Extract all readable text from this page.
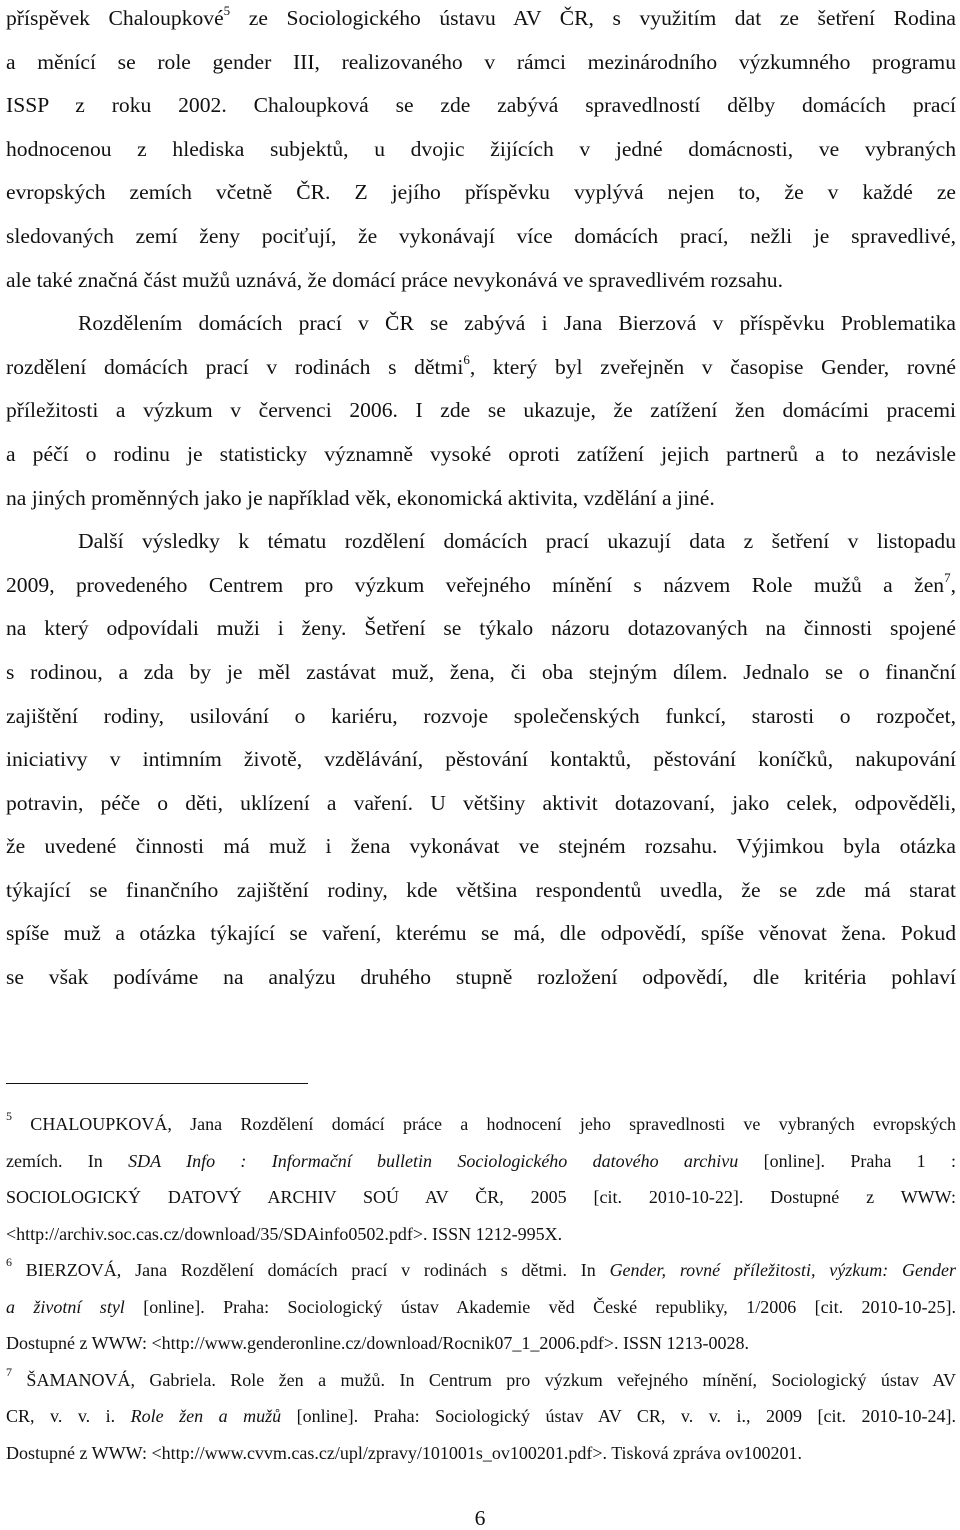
příspěvek Chaloupkové$^5$ ze Sociologického ústavu AV ČR, s využitím dat ze šetření Rodina
a měnící se role gender III, realizovaného v rámci mezinárodního výzkumného programu
ISSP z roku 2002. Chaloupková se zde zabývá spravedlností dělby domácích prací
hodnocenou z hlediska subjektů, u dvojic žijících v jedné domácnosti, ve vybraných
evropských zemích včetně ČR. Z jejího příspěvku vyplývá nejen to, že v každé ze
sledovaných zemí ženy pociťují, že vykonávají více domácích prací, nežli je spravedlivé,
ale také značná část mužů uznává, že domácí práce nevykonává ve spravedlivém rozsahu.

Rozdělením domácích prací v ČR se zabývá i Jana Bierzová v příspěvku Problematika
rozdělení domácích prací v rodinách s dětmi$^6$, který byl zveřejněn v časopise Gender, rovné
příležitosti a výzkum v červenci 2006. I zde se ukazuje, že zatížení žen domácími pracemi
a péčí o rodinu je statisticky významně vysoké oproti zatížení jejich partnerů a to nezávisle
na jiných proměnných jako je například věk, ekonomická aktivita, vzdělání a jiné.

Další výsledky k tématu rozdělení domácích prací ukazují data z šetření v listopadu
2009, provedeného Centrem pro výzkum veřejného mínění s názvem Role mužů a žen$^7$,
na který odpovídali muži i ženy. Šetření se týkalo názoru dotazovaných na činnosti spojené
s rodinou, a zda by je měl zastávat muž, žena, či oba stejným dílem. Jednalo se o finanční
zajištění rodiny, usilování o kariéru, rozvoje společenských funkcí, starosti o rozpočet,
iniciativy v intimním životě, vzdělávání, pěstování kontaktů, pěstování koníčků, nakupování
potravin, péče o děti, uklízení a vaření. U většiny aktivit dotazovaní, jako celek, odpověděli,
že uvedené činnosti má muž i žena vykonávat ve stejném rozsahu. Výjimkou byla otázka
týkající se finančního zajištění rodiny, kde většina respondentů uvedla, že se zde má starat
spíše muž a otázka týkající se vaření, kterému se má, dle odpovědí, spíše věnovat žena. Pokud
se však podíváme na analýzu druhého stupně rozložení odpovědí, dle kritéria pohlaví

$^5$ CHALOUPKOVÁ, Jana Rozdělení domácí práce a hodnocení jeho spravedlnosti ve vybraných evropských
zemích. In SDA Info : Informační bulletin Sociologického datového archivu [online]. Praha 1 :
SOCIOLOGICKÝ DATOVÝ ARCHIV SOÚ AV ČR, 2005 [cit. 2010-10-22]. Dostupné z WWW:
<http://archiv.soc.cas.cz/download/35/SDAinfo0502.pdf>. ISSN 1212-995X.
$^6$ BIERZOVÁ, Jana Rozdělení domácích prací v rodinách s dětmi. In Gender, rovné příležitosti, výzkum: Gender
a životní styl [online]. Praha: Sociologický ústav Akademie věd České republiky, 1/2006 [cit. 2010-10-25].
Dostupné z WWW: <http://www.genderonline.cz/download/Rocnik07_1_2006.pdf>. ISSN 1213-0028.
$^7$ ŠAMANOVÁ, Gabriela. Role žen a mužů. In Centrum pro výzkum veřejného mínění, Sociologický ústav AV
CR, v. v. i. Role žen a mužů [online]. Praha: Sociologický ústav AV CR, v. v. i., 2009 [cit. 2010-10-24].
Dostupné z WWW: <http://www.cvvm.cas.cz/upl/zpravy/101001s_ov100201.pdf>. Tisková zpráva ov100201.
6
